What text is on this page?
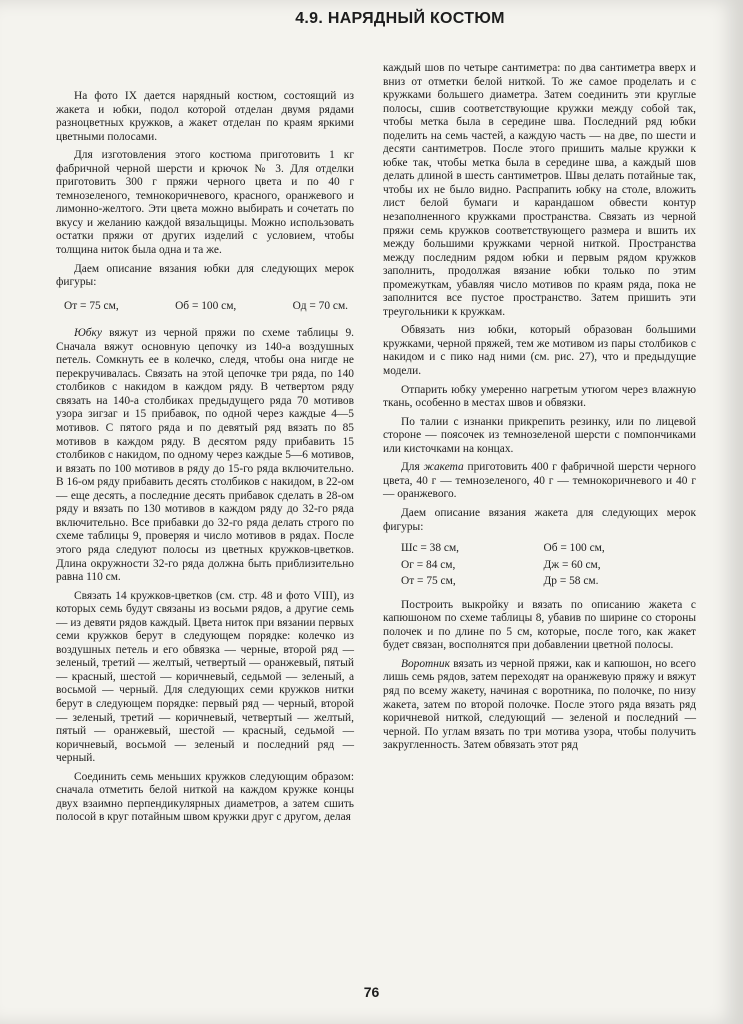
4.9. НАРЯДНЫЙ КОСТЮМ

На фото IX дается нарядный костюм, состоящий из жакета и юбки, подол которой отделан двумя рядами разноцветных кружков, а жакет отделан по краям яркими цветными полосами.

Для изготовления этого костюма приготовить 1 кг фабричной черной шерсти и крючок № 3. Для отделки приготовить 300 г пряжи черного цвета и по 40 г темнозеленого, темнокоричневого, красного, оранжевого и лимонно-желтого. Эти цвета можно выбирать и сочетать по вкусу и желанию каждой вязальщицы. Можно использовать остатки пряжи от других изделий с условием, чтобы толщина ниток была одна и та же.

Даем описание вязания юбки для следующих мерок фигуры:

От = 75 см,	Об = 100 см,	Од = 70 см.

Юбку вяжут из черной пряжи по схеме таблицы 9. Сначала вяжут основную цепочку из 140-а воздушных петель. Сомкнуть ее в колечко, следя, чтобы она нигде не перекручивалась. Связать на этой цепочке три ряда, по 140 столбиков с накидом в каждом ряду. В четвертом ряду связать на 140-а столбиках предыдущего ряда 70 мотивов узора зигзаг и 15 прибавок, по одной через каждые 4—5 мотивов. С пятого ряда и по девятый ряд вязать по 85 мотивов в каждом ряду. В десятом ряду прибавить 15 столбиков с накидом, по одному через каждые 5—6 мотивов, и вязать по 100 мотивов в ряду до 15-го ряда включительно. В 16-ом ряду прибавить десять столбиков с накидом, в 22-ом — еще десять, а последние десять прибавок сделать в 28-ом ряду и вязать по 130 мотивов в каждом ряду до 32-го ряда включительно. Все прибавки до 32-го ряда делать строго по схеме таблицы 9, проверяя и число мотивов в рядах. После этого ряда следуют полосы из цветных кружков-цветков. Длина окружности 32-го ряда должна быть приблизительно равна 110 см.

Связать 14 кружков-цветков (см. стр. 48 и фото VIII), из которых семь будут связаны из восьми рядов, а другие семь — из девяти рядов каждый. Цвета ниток при вязании первых семи кружков берут в следующем порядке: колечко из воздушных петель и его обвязка — черные, второй ряд — зеленый, третий — желтый, четвертый — оранжевый, пятый — красный, шестой — коричневый, седьмой — зеленый, а восьмой — черный. Для следующих семи кружков нитки берут в следующем порядке: первый ряд — черный, второй — зеленый, третий — коричневый, четвертый — желтый, пятый — оранжевый, шестой — красный, седьмой — коричневый, восьмой — зеленый и последний ряд — черный.

Соединить семь меньших кружков следующим образом: сначала отметить белой ниткой на каждом кружке концы двух взаимно перпендикулярных диаметров, а затем сшить полосой в круг потайным швом кружки друг с другом, делая

каждый шов по четыре сантиметра: по два сантиметра вверх и вниз от отметки белой ниткой. То же самое проделать и с кружками большего диаметра. Затем соединить эти круглые полосы, сшив соответствующие кружки между собой так, чтобы метка была в середине шва. Последний ряд юбки поделить на семь частей, а каждую часть — на две, по шести и десяти сантиметров. После этого пришить малые кружки к юбке так, чтобы метка была в середине шва, а каждый шов делать длиной в шесть сантиметров. Швы делать потайные так, чтобы их не было видно. Распрапить юбку на столе, вложить лист белой бумаги и карандашом обвести контур незаполненного кружками пространства. Связать из черной пряжи семь кружков соответствующего размера и вшить их между большими кружками черной ниткой. Пространства между последним рядом юбки и первым рядом кружков заполнить, продолжая вязание юбки только по этим промежуткам, убавляя число мотивов по краям ряда, пока не заполнится все пустое пространство. Затем пришить эти треугольники к кружкам.

Обвязать низ юбки, который образован большими кружками, черной пряжей, тем же мотивом из пары столбиков с накидом и с пико над ними (см. рис. 27), что и предыдущие модели.

Отпарить юбку умеренно нагретым утюгом через влажную ткань, особенно в местах швов и обвязки.

По талии с изнанки прикрепить резинку, или по лицевой стороне — поясочек из темнозеленой шерсти с помпончиками или кисточками на концах.

Для жакета приготовить 400 г фабричной шерсти черного цвета, 40 г — темнозеленого, 40 г — темнокоричневого и 40 г — оранжевого.

Даем описание вязания жакета для следующих мерок фигуры:

Шс = 38 см,	Об = 100 см,
Ог = 84 см,	Дж = 60 см,
От = 75 см,	Др = 58 см.

Построить выкройку и вязать по описанию жакета с капюшоном по схеме таблицы 8, убавив по ширине со стороны полочек и по длине по 5 см, которые, после того, как жакет будет связан, восполнятся при добавлении цветной полосы.

Воротник вязать из черной пряжи, как и капюшон, но всего лишь семь рядов, затем переходят на оранжевую пряжу и вяжут ряд по всему жакету, начиная с воротника, по полочке, по низу жакета, затем по второй полочке. После этого ряда вязать ряд коричневой ниткой, следующий — зеленой и последний — черной. По углам вязать по три мотива узора, чтобы получить закругленность. Затем обвязать этот ряд

76
